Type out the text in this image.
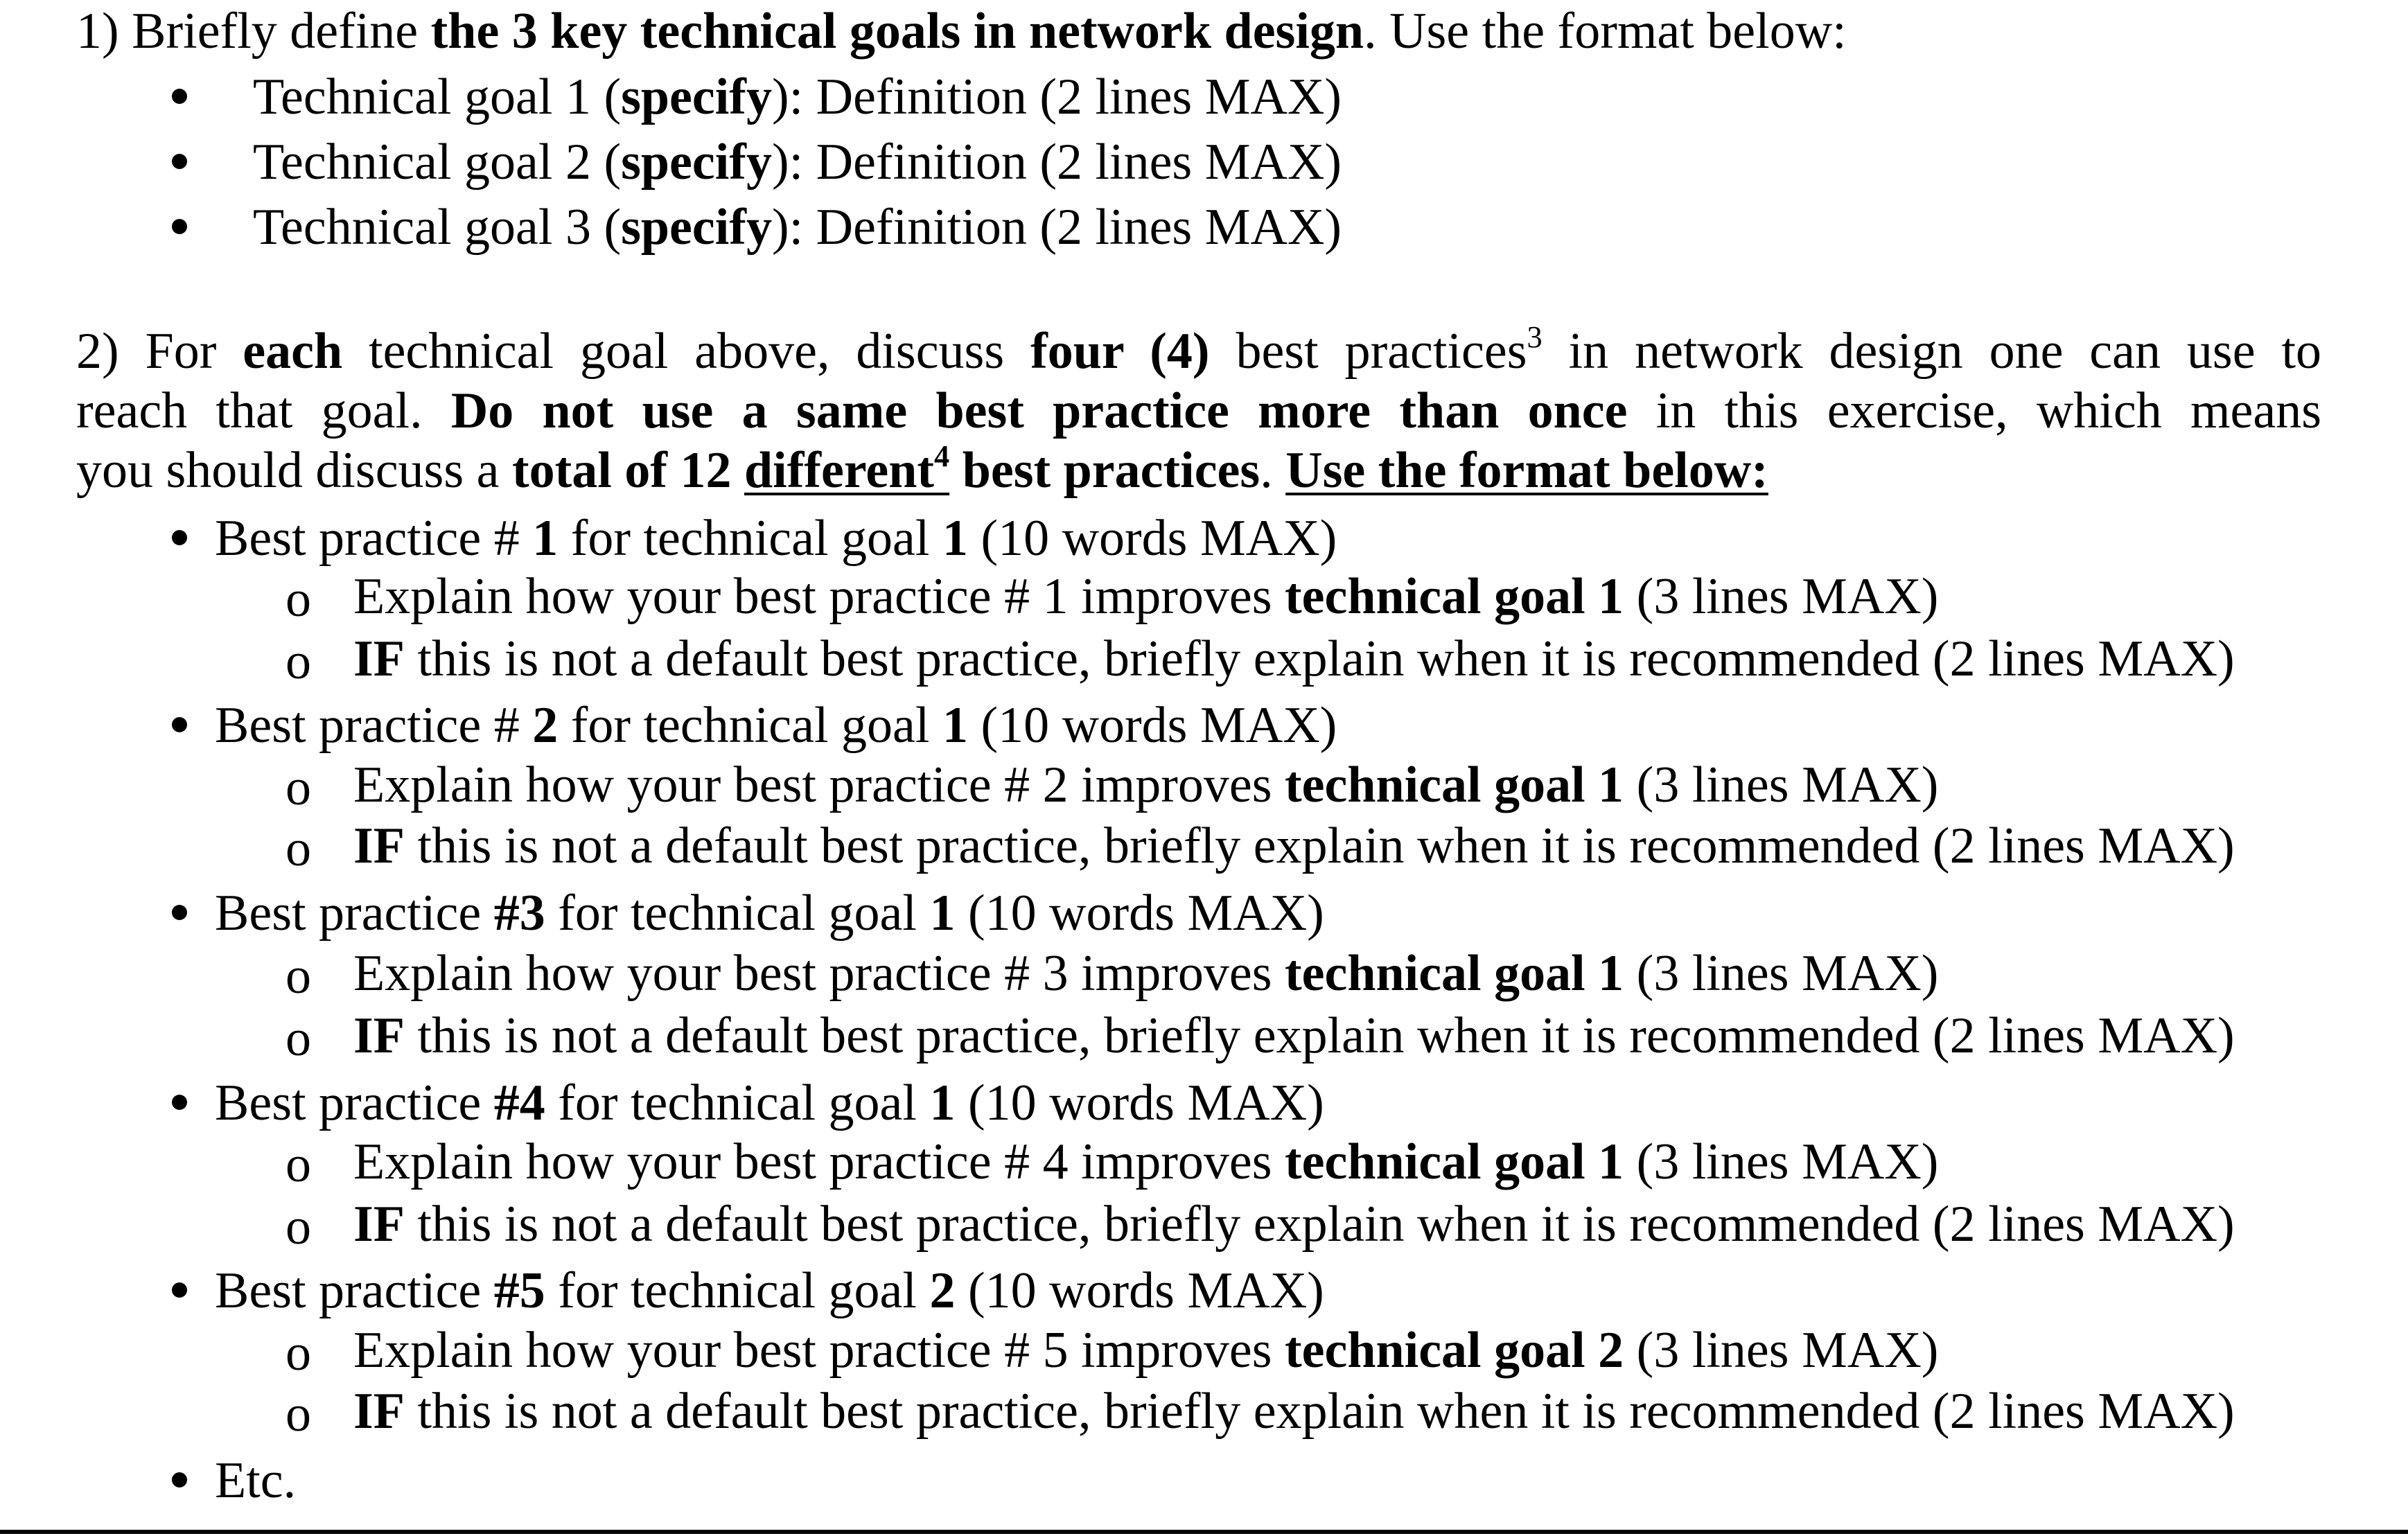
1) Briefly define the 3 key technical goals in network design. Use the format below:
Technical goal 1 (specify): Definition (2 lines MAX)
Technical goal 2 (specify): Definition (2 lines MAX)
Technical goal 3 (specify): Definition (2 lines MAX)
2) For each technical goal above, discuss four (4) best practices$^3$ in network design one can use to
reach that goal. Do not use a same best practice more than once in this exercise, which means
you should discuss a total of 12 different$^4$ best practices. Use the format below:
Best practice # 1 for technical goal 1 (10 words MAX)
o Explain how your best practice # 1 improves technical goal 1 (3 lines MAX)
o IF this is not a default best practice, briefly explain when it is recommended (2 lines MAX)
Best practice # 2 for technical goal 1 (10 words MAX)
o Explain how your best practice # 2 improves technical goal 1 (3 lines MAX)
o IF this is not a default best practice, briefly explain when it is recommended (2 lines MAX)
Best practice #3 for technical goal 1 (10 words MAX)
o Explain how your best practice # 3 improves technical goal 1 (3 lines MAX)
o IF this is not a default best practice, briefly explain when it is recommended (2 lines MAX)
Best practice #4 for technical goal 1 (10 words MAX)
o Explain how your best practice # 4 improves technical goal 1 (3 lines MAX)
o IF this is not a default best practice, briefly explain when it is recommended (2 lines MAX)
Best practice #5 for technical goal 2 (10 words MAX)
o Explain how your best practice # 5 improves technical goal 2 (3 lines MAX)
o IF this is not a default best practice, briefly explain when it is recommended (2 lines MAX)
Etc.
